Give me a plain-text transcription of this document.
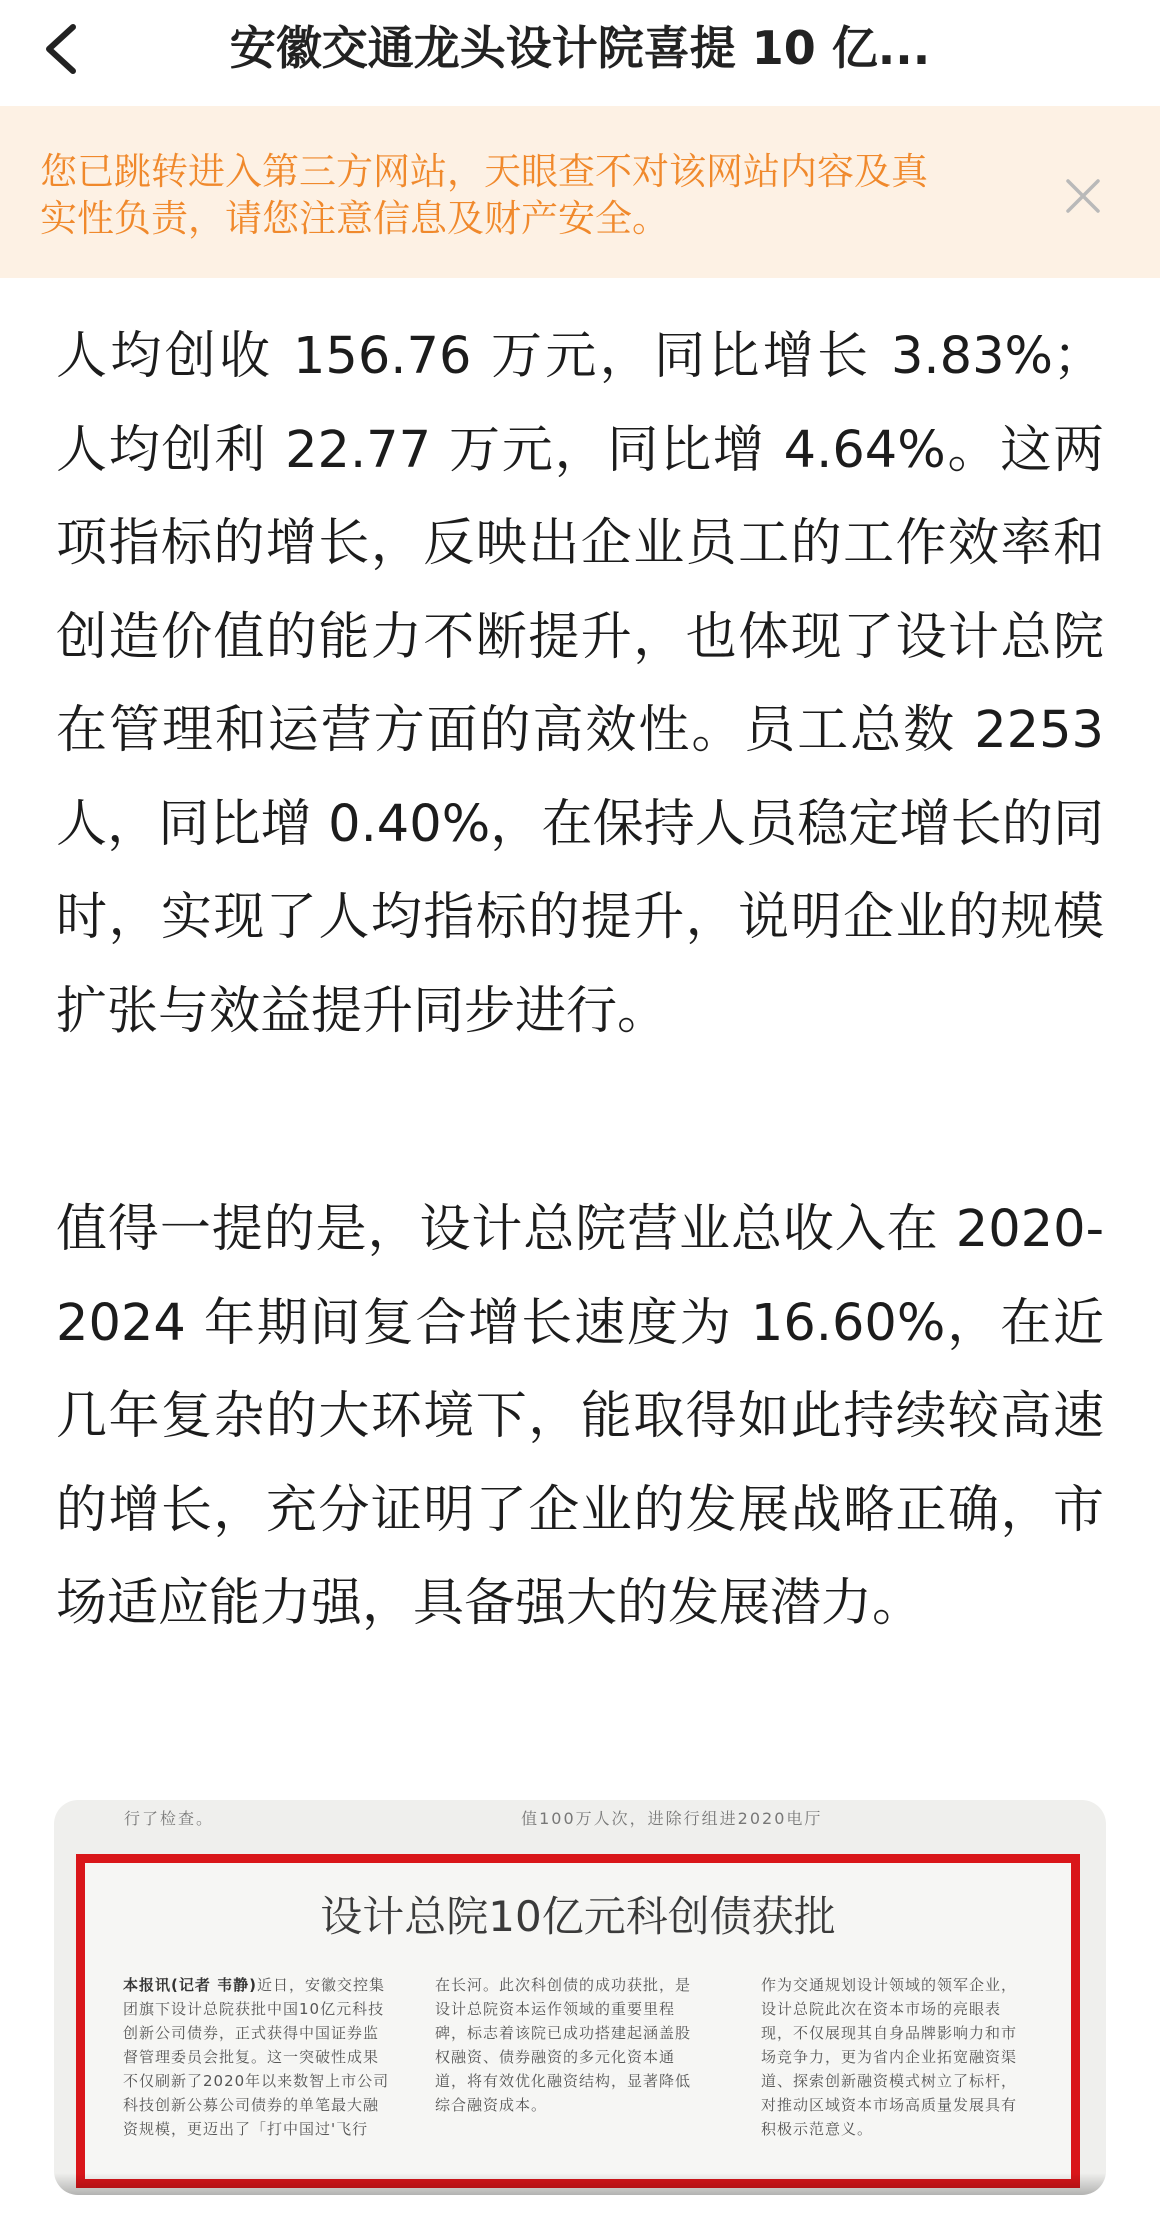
安徽交通龙头设计院喜提 10 亿...
您已跳转进入第三方网站，天眼查不对该网站内容及真
实性负责，请您注意信息及财产安全。

人均创收 156.76 万元，同比增长 3.83%；人均创利 22.77 万元，同比增 4.64%。这两项指标的增长，反映出企业员工的工作效率和创造价值的能力不断提升，也体现了设计总院在管理和运营方面的高效性。员工总数 2253 人，同比增 0.40%，在保持人员稳定增长的同时，实现了人均指标的提升，说明企业的规模扩张与效益提升同步进行。

值得一提的是，设计总院营业总收入在 2020-2024 年期间复合增长速度为 16.60%，在近几年复杂的大环境下，能取得如此持续较高速的增长，充分证明了企业的发展战略正确，市场适应能力强，具备强大的发展潜力。

行了检查。	值100万人次，进除行组进2020电厅
设计总院10亿元科创债获批
本报讯(记者 韦静)近日，安徽交控集团旗下设计总院获批中国10亿元科技创新公司债券，正式获得中国证券监督管理委员会批复。这一突破性成果不仅刷新了2020年以来数智上市公司科技创新公募公司债券的单笔最大融资规模，更迈出了「打中国过'飞行
在长河。此次科创债的成功获批，是设计总院资本运作领域的重要里程碑，标志着该院已成功搭建起涵盖股权融资、债券融资的多元化资本通道，将有效优化融资结构，显著降低综合融资成本。
作为交通规划设计领域的领军企业，设计总院此次在资本市场的亮眼表现，不仅展现其自身品牌影响力和市场竞争力，更为省内企业拓宽融资渠道、探索创新融资模式树立了标杆，对推动区域资本市场高质量发展具有积极示范意义。
